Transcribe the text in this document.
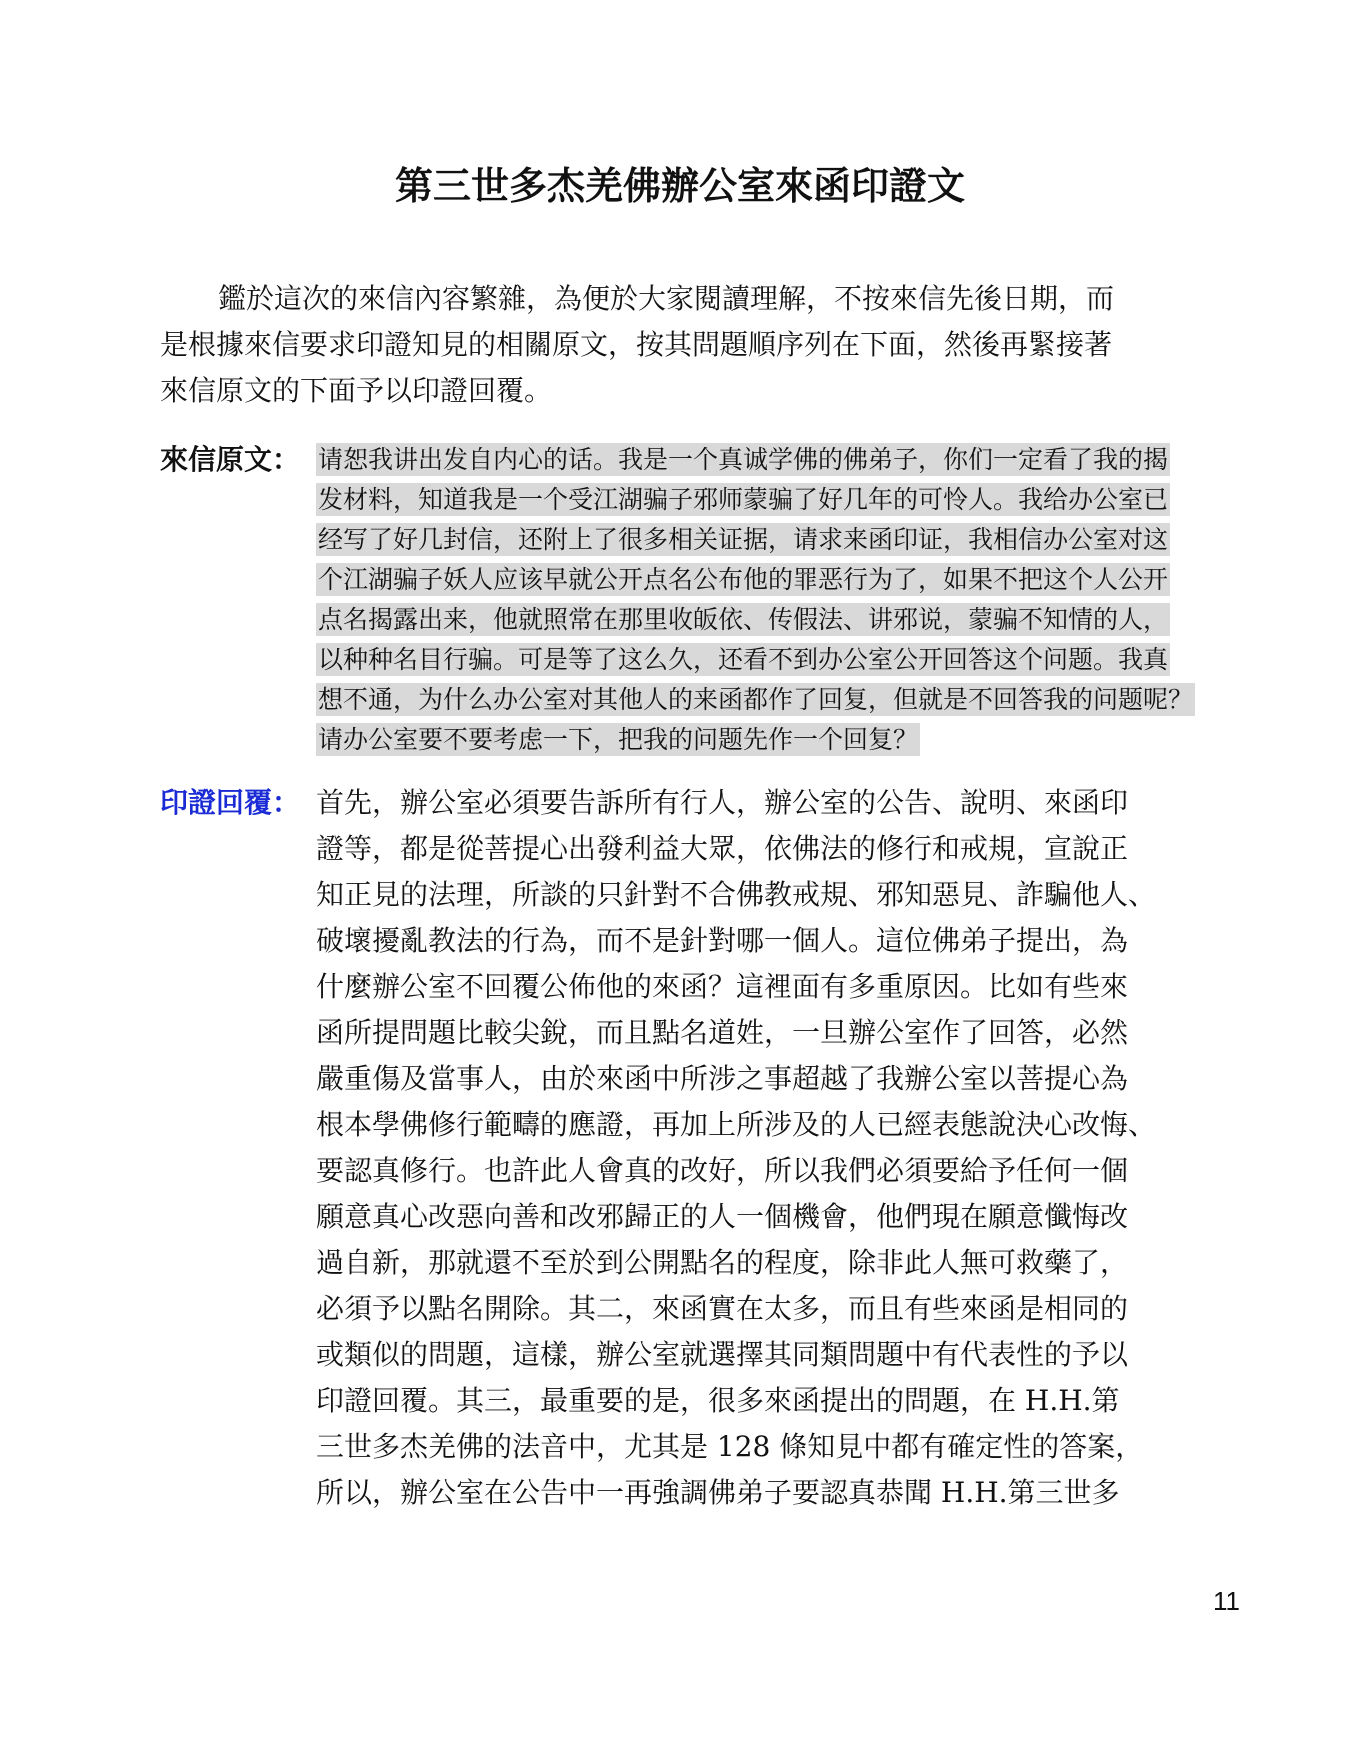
第三世多杰羌佛辦公室來函印證文
鑑於這次的來信內容繁雜，為便於大家閱讀理解，不按來信先後日期，而
是根據來信要求印證知見的相關原文，按其問題順序列在下面，然後再緊接著
來信原文的下面予以印證回覆。
來信原文： 请恕我讲出发自内心的话。我是一个真诚学佛的佛弟子，你们一定看了我的揭
发材料，知道我是一个受江湖骗子邪师蒙骗了好几年的可怜人。我给办公室已
经写了好几封信，还附上了很多相关证据，请求来函印证，我相信办公室对这
个江湖骗子妖人应该早就公开点名公布他的罪恶行为了，如果不把这个人公开
点名揭露出来，他就照常在那里收皈依、传假法、讲邪说，蒙骗不知情的人，
以种种名目行骗。可是等了这么久，还看不到办公室公开回答这个问题。我真
想不通，为什么办公室对其他人的来函都作了回复，但就是不回答我的问题呢？
请办公室要不要考虑一下，把我的问题先作一个回复？
印證回覆： 首先，辦公室必須要告訴所有行人，辦公室的公告、說明、來函印
證等，都是從菩提心出發利益大眾，依佛法的修行和戒規，宣說正
知正見的法理，所談的只針對不合佛教戒規、邪知惡見、詐騙他人、
破壞擾亂教法的行為，而不是針對哪一個人。這位佛弟子提出，為
什麼辦公室不回覆公佈他的來函？這裡面有多重原因。比如有些來
函所提問題比較尖銳，而且點名道姓，一旦辦公室作了回答，必然
嚴重傷及當事人，由於來函中所涉之事超越了我辦公室以菩提心為
根本學佛修行範疇的應證，再加上所涉及的人已經表態說決心改悔、
要認真修行。也許此人會真的改好，所以我們必須要給予任何一個
願意真心改惡向善和改邪歸正的人一個機會，他們現在願意懺悔改
過自新，那就還不至於到公開點名的程度，除非此人無可救藥了，
必須予以點名開除。其二，來函實在太多，而且有些來函是相同的
或類似的問題，這樣，辦公室就選擇其同類問題中有代表性的予以
印證回覆。其三，最重要的是，很多來函提出的問題，在 H.H.第
三世多杰羌佛的法音中，尤其是 128 條知見中都有確定性的答案，
所以，辦公室在公告中一再強調佛弟子要認真恭聞 H.H.第三世多
11
